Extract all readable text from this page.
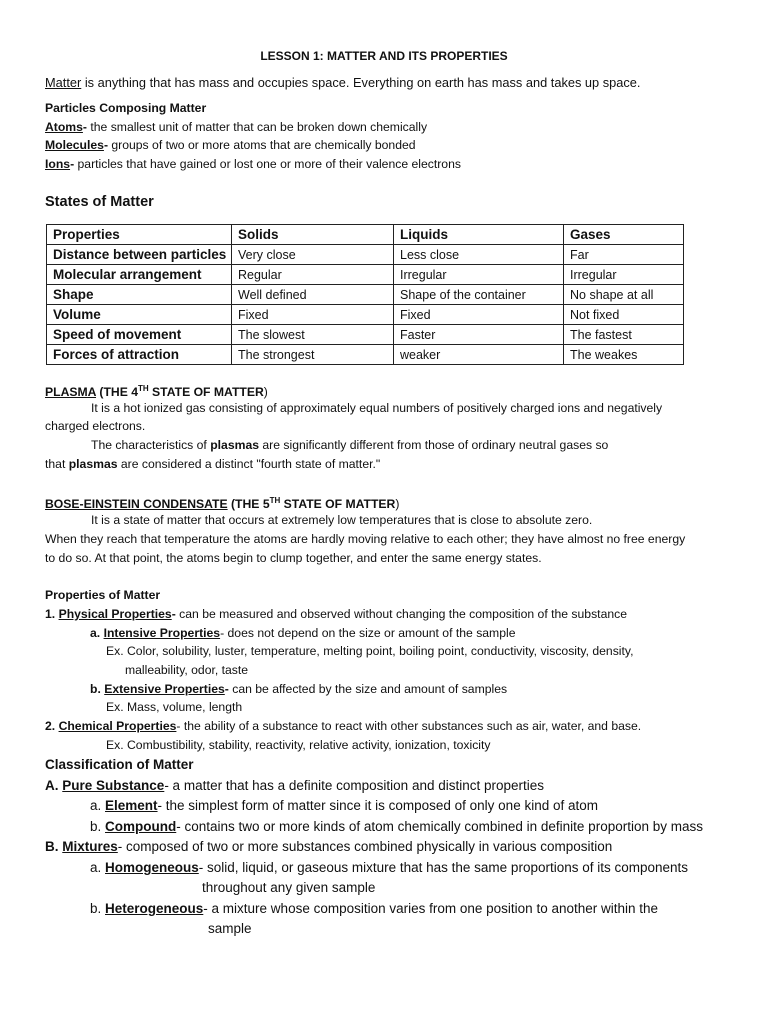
LESSON 1: MATTER AND ITS PROPERTIES
Matter is anything that has mass and occupies space. Everything on earth has mass and takes up space.
Particles Composing Matter
Atoms- the smallest unit of matter that can be broken down chemically
Molecules- groups of two or more atoms that are chemically bonded
Ions- particles that have gained or lost one or more of their valence electrons
States of Matter
Properties	Solids	Liquids	Gases
Distance between particles	Very close	Less close	Far
Molecular arrangement	Regular	Irregular	Irregular
Shape	Well defined	Shape of the container	No shape at all
Volume	Fixed	Fixed	Not fixed
Speed of movement	The slowest	Faster	The fastest
Forces of attraction	The strongest	weaker	The weakes
PLASMA (THE 4TH STATE OF MATTER)
It is a hot ionized gas consisting of approximately equal numbers of positively charged ions and negatively
charged electrons.
The characteristics of plasmas are significantly different from those of ordinary neutral gases so
that plasmas are considered a distinct "fourth state of matter."
BOSE-EINSTEIN CONDENSATE (THE 5TH STATE OF MATTER)
It is a state of matter that occurs at extremely low temperatures that is close to absolute zero.
When they reach that temperature the atoms are hardly moving relative to each other; they have almost no free energy
to do so. At that point, the atoms begin to clump together, and enter the same energy states.
Properties of Matter
1. Physical Properties- can be measured and observed without changing the composition of the substance
a. Intensive Properties- does not depend on the size or amount of the sample
Ex. Color, solubility, luster, temperature, melting point, boiling point, conductivity, viscosity, density,
malleability, odor, taste
b. Extensive Properties- can be affected by the size and amount of samples
Ex. Mass, volume, length
2. Chemical Properties- the ability of a substance to react with other substances such as air, water, and base.
Ex. Combustibility, stability, reactivity, relative activity, ionization, toxicity
Classification of Matter
A. Pure Substance- a matter that has a definite composition and distinct properties
a. Element- the simplest form of matter since it is composed of only one kind of atom
b. Compound- contains two or more kinds of atom chemically combined in definite proportion by mass
B. Mixtures- composed of two or more substances combined physically in various composition
a. Homogeneous- solid, liquid, or gaseous mixture that has the same proportions of its components
throughout any given sample
b. Heterogeneous- a mixture whose composition varies from one position to another within the
sample
